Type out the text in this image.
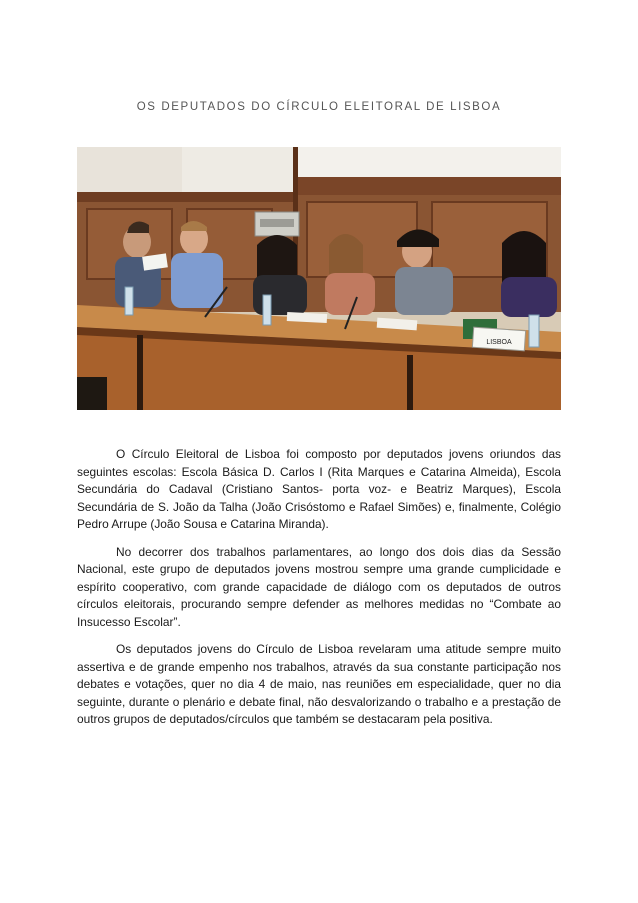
OS DEPUTADOS DO CÍRCULO ELEITORAL DE LISBOA
LISBOA

O Círculo Eleitoral de Lisboa foi composto por deputados jovens oriundos das seguintes escolas: Escola Básica D. Carlos I (Rita Marques e Catarina Almeida), Escola Secundária do Cadaval (Cristiano Santos- porta voz- e Beatriz Marques), Escola Secundária de S. João da Talha (João Crisóstomo e Rafael Simões) e, finalmente, Colégio Pedro Arrupe (João Sousa e Catarina Miranda).

No decorrer dos trabalhos parlamentares, ao longo dos dois dias da Sessão Nacional, este grupo de deputados jovens mostrou sempre uma grande cumplicidade e espírito cooperativo, com grande capacidade de diálogo com os deputados de outros círculos eleitorais, procurando sempre defender as melhores medidas no “Combate ao Insucesso Escolar”.

Os deputados jovens do Círculo de Lisboa revelaram uma atitude sempre muito assertiva e de grande empenho nos trabalhos, através da sua constante participação nos debates e votações, quer no dia 4 de maio, nas reuniões em especialidade, quer no dia seguinte, durante o plenário e debate final, não desvalorizando o trabalho e a prestação de outros grupos de deputados/círculos que também se destacaram pela positiva.
